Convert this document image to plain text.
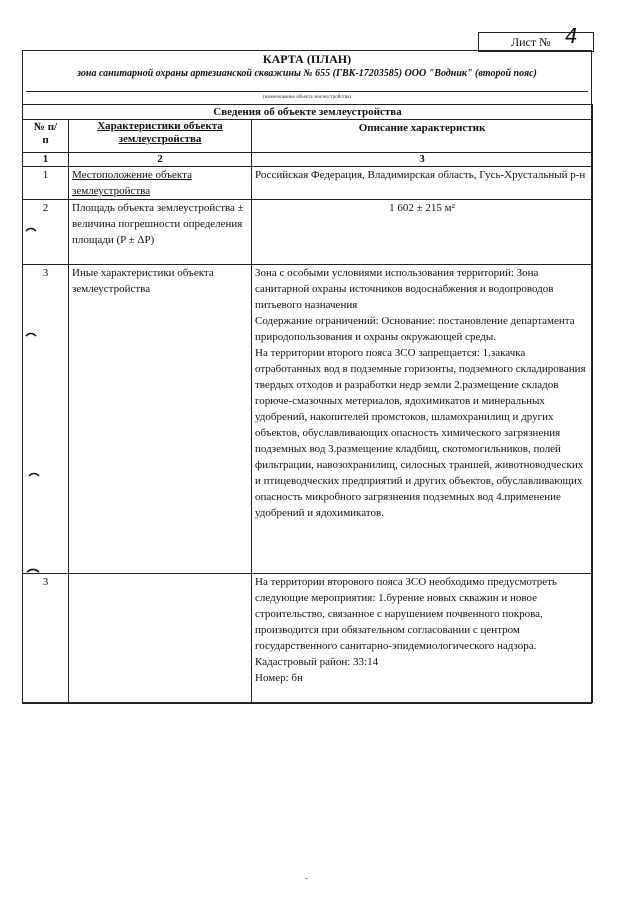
Лист № 4
КАРТА (ПЛАН)
зона санитарной охраны артезианской скважины № 655 (ГВК-17203585) ООО "Водник" (второй пояс)
(наименование объекта землеустройства)
Сведения об объекте землеустройства		
№ п/п	Характеристики объекта землеустройства	Описание характеристик
1	2	3
1	Местоположение объекта землеустройства	Российская Федерация, Владимирская область, Гусь-Хрустальный р-н
2	Площадь объекта землеустройства ± величина погрешности определения площади (P ± ΔP)	1 602 ± 215 м²
3	Иные характеристики объекта землеустройства	Зона с особыми условиями использования территорий: Зона санитарной охраны источников водоснабжения и водопроводов питьевого назначения
Содержание ограничений: Основание: постановление департамента природопользования и охраны окружающей среды.
На территории второго пояса ЗСО запрещается: 1.закачка отработанных вод в подземные горизонты, подземного складирования твердых отходов и разработки недр земли 2.размещение складов горюче-смазочных метериалов, ядохимикатов и минеральных удобрений, накопителей промстоков, шламохранилищ и других объектов, обуславливающих опасность химического загрязнения подземных вод 3.размещение кладбищ, скотомогильников, полей фильтрации, навозохранилищ, силосных траншей, животноводческих и птицеводческих предприятий и других объектов, обуславливающих опасность микробного загрязнения подземных вод 4.применение удобрений и ядохимикатов.
3		На территории вторового пояса ЗСО необходимо предусмотреть следующие мероприятия: 1.бурение новых скважин и новое строительство, связанное с нарушением почвенного покрова, производится при обязательном согласовании с центром государственного санитарно-эпидемиологического надзора.
Кадастровый район: 33:14
Номер: бн
